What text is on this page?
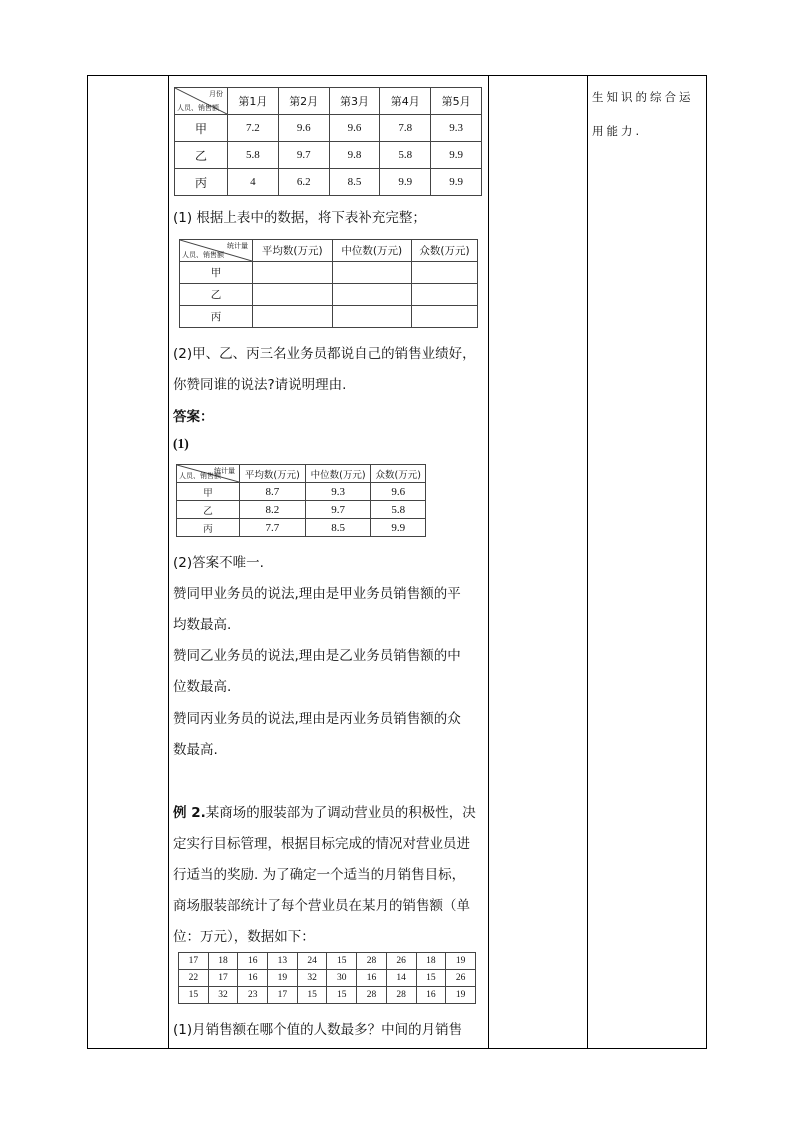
生知识的综合运
用能力.
月份
人员、销售额	第1月	第2月	第3月	第4月	第5月
甲	7.2	9.6	9.6	7.8	9.3
乙	5.8	9.7	9.8	5.8	9.9
丙	4	6.2	8.5	9.9	9.9
(1) 根据上表中的数据，将下表补充完整；
统计量
人员、销售额	平均数(万元)	中位数(万元)	众数(万元)
甲			
乙			
丙			
(2)甲、乙、丙三名业务员都说自己的销售业绩好，
你赞同谁的说法?请说明理由.
答案：
(1)
统计量
人员、销售额	平均数(万元)	中位数(万元)	众数(万元)
甲	8.7	9.3	9.6
乙	8.2	9.7	5.8
丙	7.7	8.5	9.9
(2)答案不唯一.
赞同甲业务员的说法,理由是甲业务员销售额的平
均数最高.
赞同乙业务员的说法,理由是乙业务员销售额的中
位数最高.
赞同丙业务员的说法,理由是丙业务员销售额的众
数最高.
例 2.某商场的服装部为了调动营业员的积极性，决
定实行目标管理，根据目标完成的情况对营业员进
行适当的奖励. 为了确定一个适当的月销售目标，
商场服装部统计了每个营业员在某月的销售额（单
位：万元），数据如下：
17	18	16	13	24	15	28	26	18	19
22	17	16	19	32	30	16	14	15	26
15	32	23	17	15	15	28	28	16	19
(1)月销售额在哪个值的人数最多？中间的月销售
